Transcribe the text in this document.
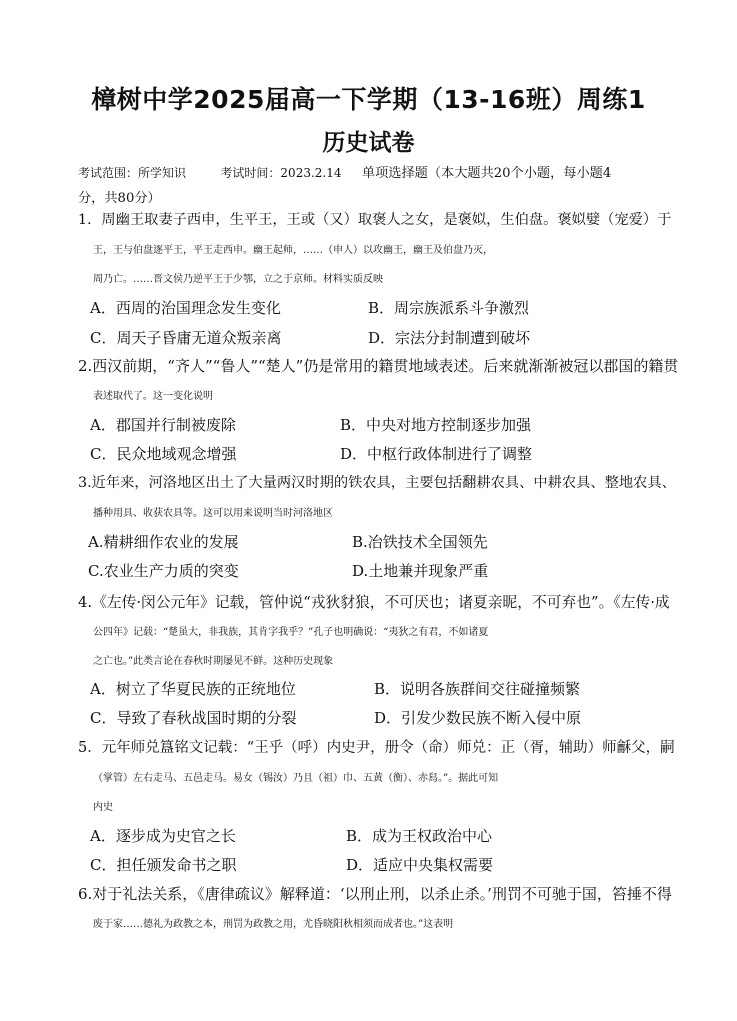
樟树中学2025届高一下学期（13-16班）周练1
历史试卷
考试范围：所学知识	考试时间：2023.2.14 单项选择题（本大题共20个小题，每小题4
分，共80分）
1．周幽王取妻子西申，生平王，王或（又）取褒人之女，是褒姒，生伯盘。褒姒嬖（宠爱）于
王，王与伯盘逐平王，平王走西申。幽王起师，……（申人）以攻幽王，幽王及伯盘乃灭，
周乃亡。……晋文侯乃逆平王于少鄂，立之于京师。材料实质反映
A．西周的治国理念发生变化	B．周宗族派系斗争激烈
C．周天子昏庸无道众叛亲离	D．宗法分封制遭到破坏
2.西汉前期，“齐人”“鲁人”“楚人”仍是常用的籍贯地域表述。后来就渐渐被冠以郡国的籍贯
表述取代了。这一变化说明
A．郡国并行制被废除	B．中央对地方控制逐步加强
C．民众地域观念增强	D．中枢行政体制进行了调整
3.近年来，河洛地区出土了大量两汉时期的铁农具，主要包括翻耕农具、中耕农具、整地农具、
播种用具、收获农具等。这可以用来说明当时河洛地区
A.精耕细作农业的发展	B.冶铁技术全国领先
C.农业生产力质的突变	D.土地兼并现象严重
4.《左传·闵公元年》记载，管仲说“戎狄豺狼，不可厌也；诸夏亲昵，不可弃也”。《左传·成
公四年》记载：“楚虽大，非我族，其肯字我乎？”孔子也明确说：“夷狄之有君，不如诸夏
之亡也。”此类言论在春秋时期屡见不鲜。这种历史现象
A．树立了华夏民族的正统地位	B．说明各族群间交往碰撞频繁
C．导致了春秋战国时期的分裂	D．引发少数民族不断入侵中原
5．元年师兑簋铭文记载：“王乎（呼）内史尹，册令（命）师兑：正（胥，辅助）师龢父，嗣
（掌管）左右走马、五邑走马。易女（锡汝）乃且（祖）巾、五黄（衡）、赤舄。”。据此可知
内史
A．逐步成为史官之长	B．成为王权政治中心
C．担任颁发命书之职	D．适应中央集权需要
6.对于礼法关系，《唐律疏议》解释道：‘以刑止刑，以杀止杀。’刑罚不可驰于国，笞捶不得
废于家……德礼为政教之本，刑罚为政教之用，尤昏晓阳秋相须而成者也。”这表明
